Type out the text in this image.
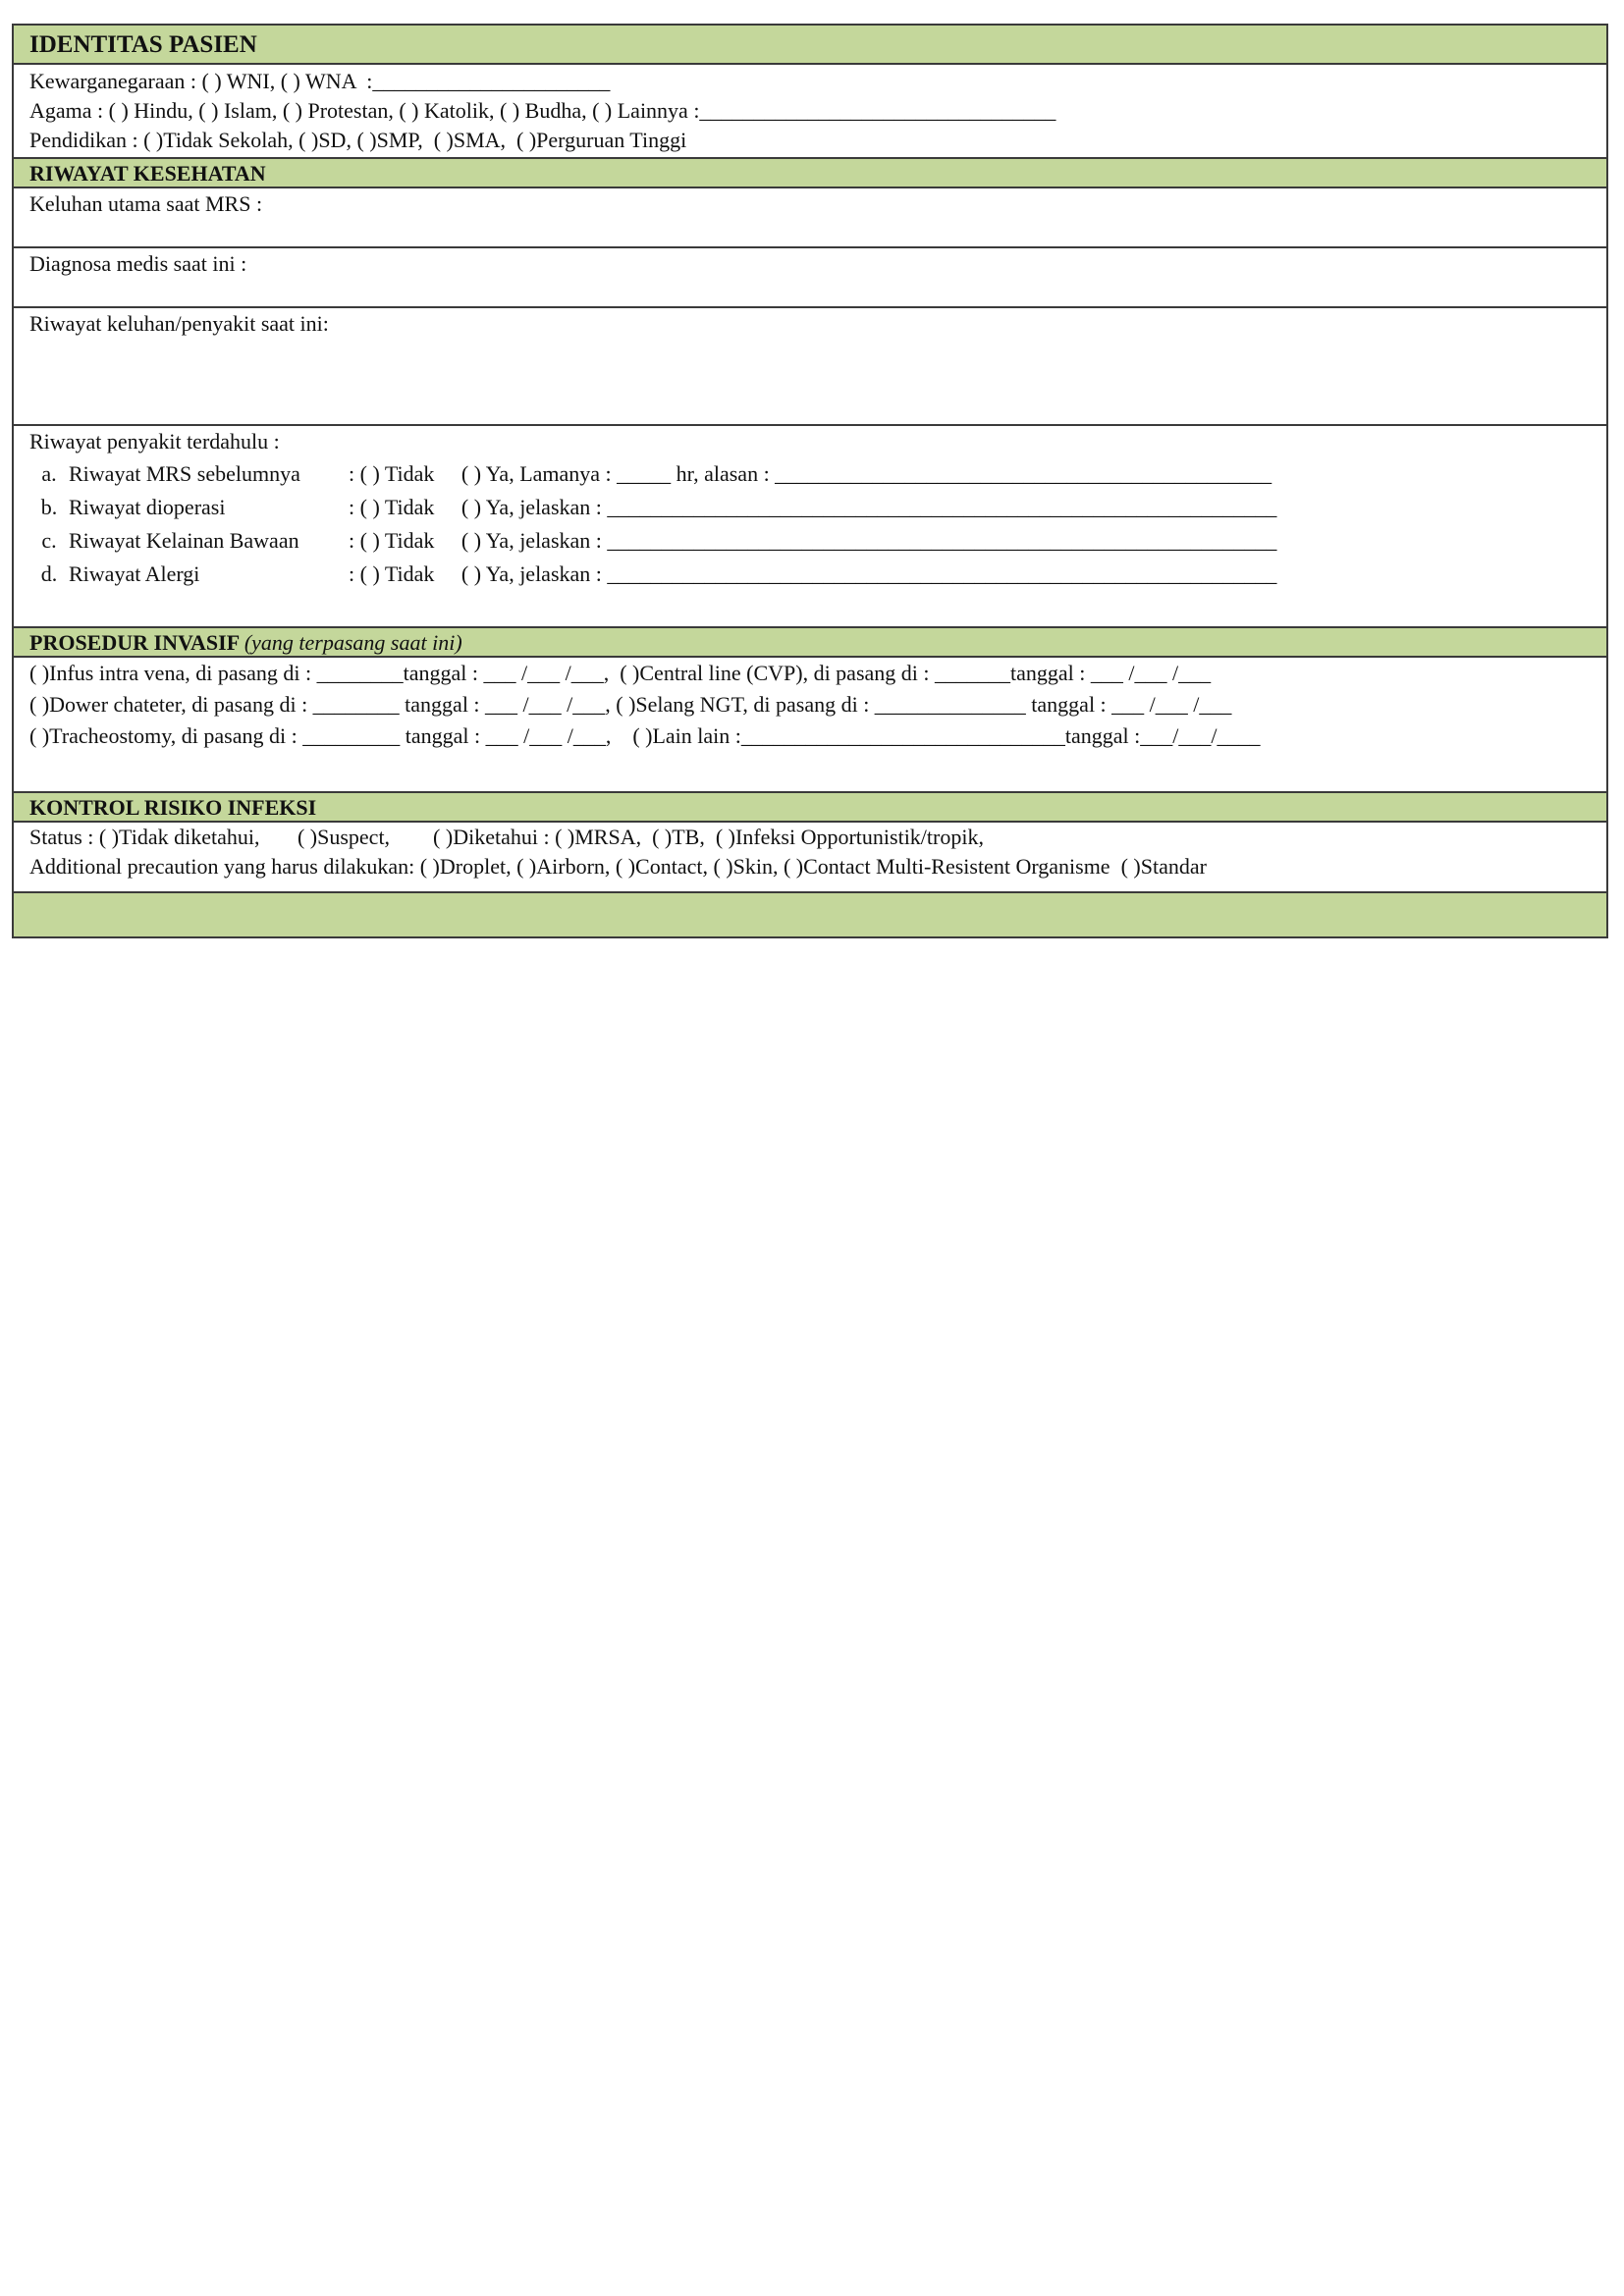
IDENTITAS PASIEN
Kewarganegaraan : ( ) WNI, ( ) WNA  :______________________
Agama : ( ) Hindu, ( ) Islam, ( ) Protestan, ( ) Katolik, ( ) Budha, ( ) Lainnya :_________________________________
Pendidikan : ( )Tidak Sekolah, ( )SD, ( )SMP,  ( )SMA,  ( )Perguruan Tinggi
RIWAYAT KESEHATAN
Keluhan utama saat MRS :
Diagnosa medis saat ini :
Riwayat keluhan/penyakit saat ini:
Riwayat penyakit terdahulu :
a. Riwayat MRS sebelumnya	: ( ) Tidak     ( ) Ya, Lamanya : _____ hr, alasan : ______________________________________________
b. Riwayat dioperasi	: ( ) Tidak     ( ) Ya, jelaskan : ______________________________________________________________
c. Riwayat Kelainan Bawaan	: ( ) Tidak     ( ) Ya, jelaskan : ______________________________________________________________
d. Riwayat Alergi	: ( ) Tidak     ( ) Ya, jelaskan : ______________________________________________________________
PROSEDUR INVASIF (yang terpasang saat ini)
( )Infus intra vena, di pasang di : ________tanggal : ___ /___ /___,  ( )Central line (CVP), di pasang di : _______tanggal : ___ /___ /___
( )Dower chateter, di pasang di : ________ tanggal : ___ /___ /___, ( )Selang NGT, di pasang di : ______________ tanggal : ___ /___ /___
( )Tracheostomy, di pasang di : _________ tanggal : ___ /___ /___,    ( )Lain lain :______________________________tanggal :___/___/____
KONTROL RISIKO INFEKSI
Status : ( )Tidak diketahui,       ( )Suspect,        ( )Diketahui : ( )MRSA,  ( )TB,  ( )Infeksi Opportunistik/tropik,
Additional precaution yang harus dilakukan: ( )Droplet, ( )Airborn, ( )Contact, ( )Skin, ( )Contact Multi-Resistent Organisme  ( )Standar
